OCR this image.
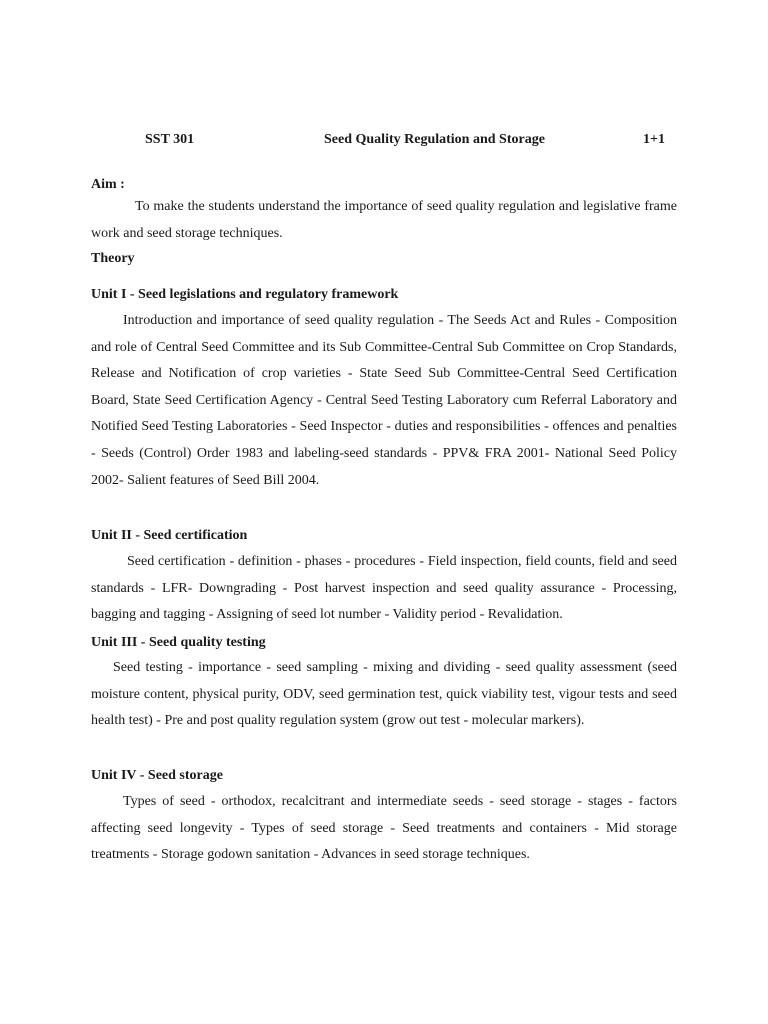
SST 301	Seed Quality Regulation and Storage	1+1
Aim :

To make the students understand the importance of seed quality regulation and legislative frame work and seed storage techniques.

Theory

Unit I - Seed legislations and regulatory framework

Introduction and importance of seed quality regulation - The Seeds Act and Rules - Composition and role of Central Seed Committee and its Sub Committee-Central Sub Committee on Crop Standards, Release and Notification of crop varieties - State Seed Sub Committee-Central Seed Certification Board, State Seed Certification Agency - Central Seed Testing Laboratory cum Referral Laboratory and Notified Seed Testing Laboratories - Seed Inspector - duties and responsibilities - offences and penalties - Seeds (Control) Order 1983 and labeling-seed standards - PPV& FRA 2001- National Seed Policy 2002- Salient features of Seed Bill 2004.

Unit II - Seed certification

Seed certification - definition - phases - procedures - Field inspection, field counts, field and seed standards - LFR- Downgrading - Post harvest inspection and seed quality assurance - Processing, bagging and tagging - Assigning of seed lot number - Validity period - Revalidation.

Unit III - Seed quality testing

Seed testing - importance - seed sampling - mixing and dividing - seed quality assessment (seed moisture content, physical purity, ODV, seed germination test, quick viability test, vigour tests and seed health test) - Pre and post quality regulation system (grow out test - molecular markers).

Unit IV - Seed storage

Types of seed - orthodox, recalcitrant and intermediate seeds - seed storage - stages - factors affecting seed longevity - Types of seed storage - Seed treatments and containers - Mid storage treatments - Storage godown sanitation - Advances in seed storage techniques.
